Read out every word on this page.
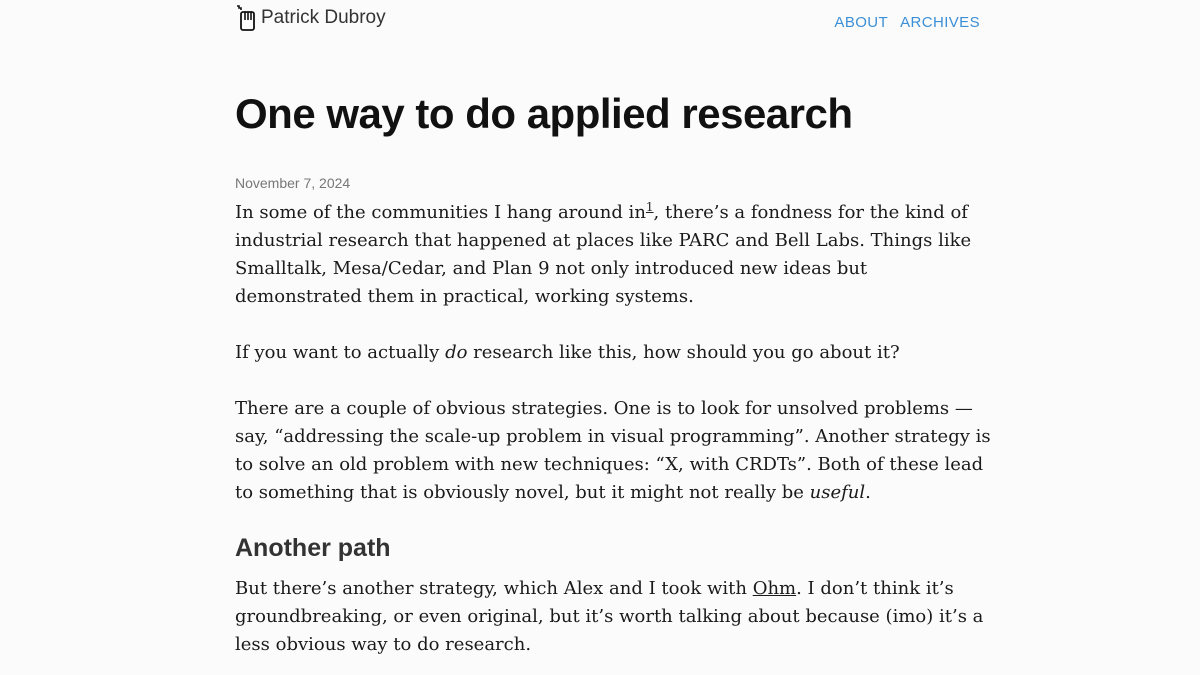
Patrick Dubroy	ABOUT ARCHIVES
One way to do applied research
November 7, 2024

In some of the communities I hang around $in^1$, there’s a fondness for the kind of industrial research that happened at places like PARC and Bell Labs. Things like Smalltalk, Mesa/Cedar, and Plan 9 not only introduced new ideas but demonstrated them in practical, working systems.

If you want to actually do research like this, how should you go about it?

There are a couple of obvious strategies. One is to look for unsolved problems — say, “addressing the scale-up problem in visual programming”. Another strategy is to solve an old problem with new techniques: “X, with CRDTs”. Both of these lead to something that is obviously novel, but it might not really be useful.

Another path

But there’s another strategy, which Alex and I took with Ohm. I don’t think it’s groundbreaking, or even original, but it’s worth talking about because (imo) it’s a less obvious way to do research.
